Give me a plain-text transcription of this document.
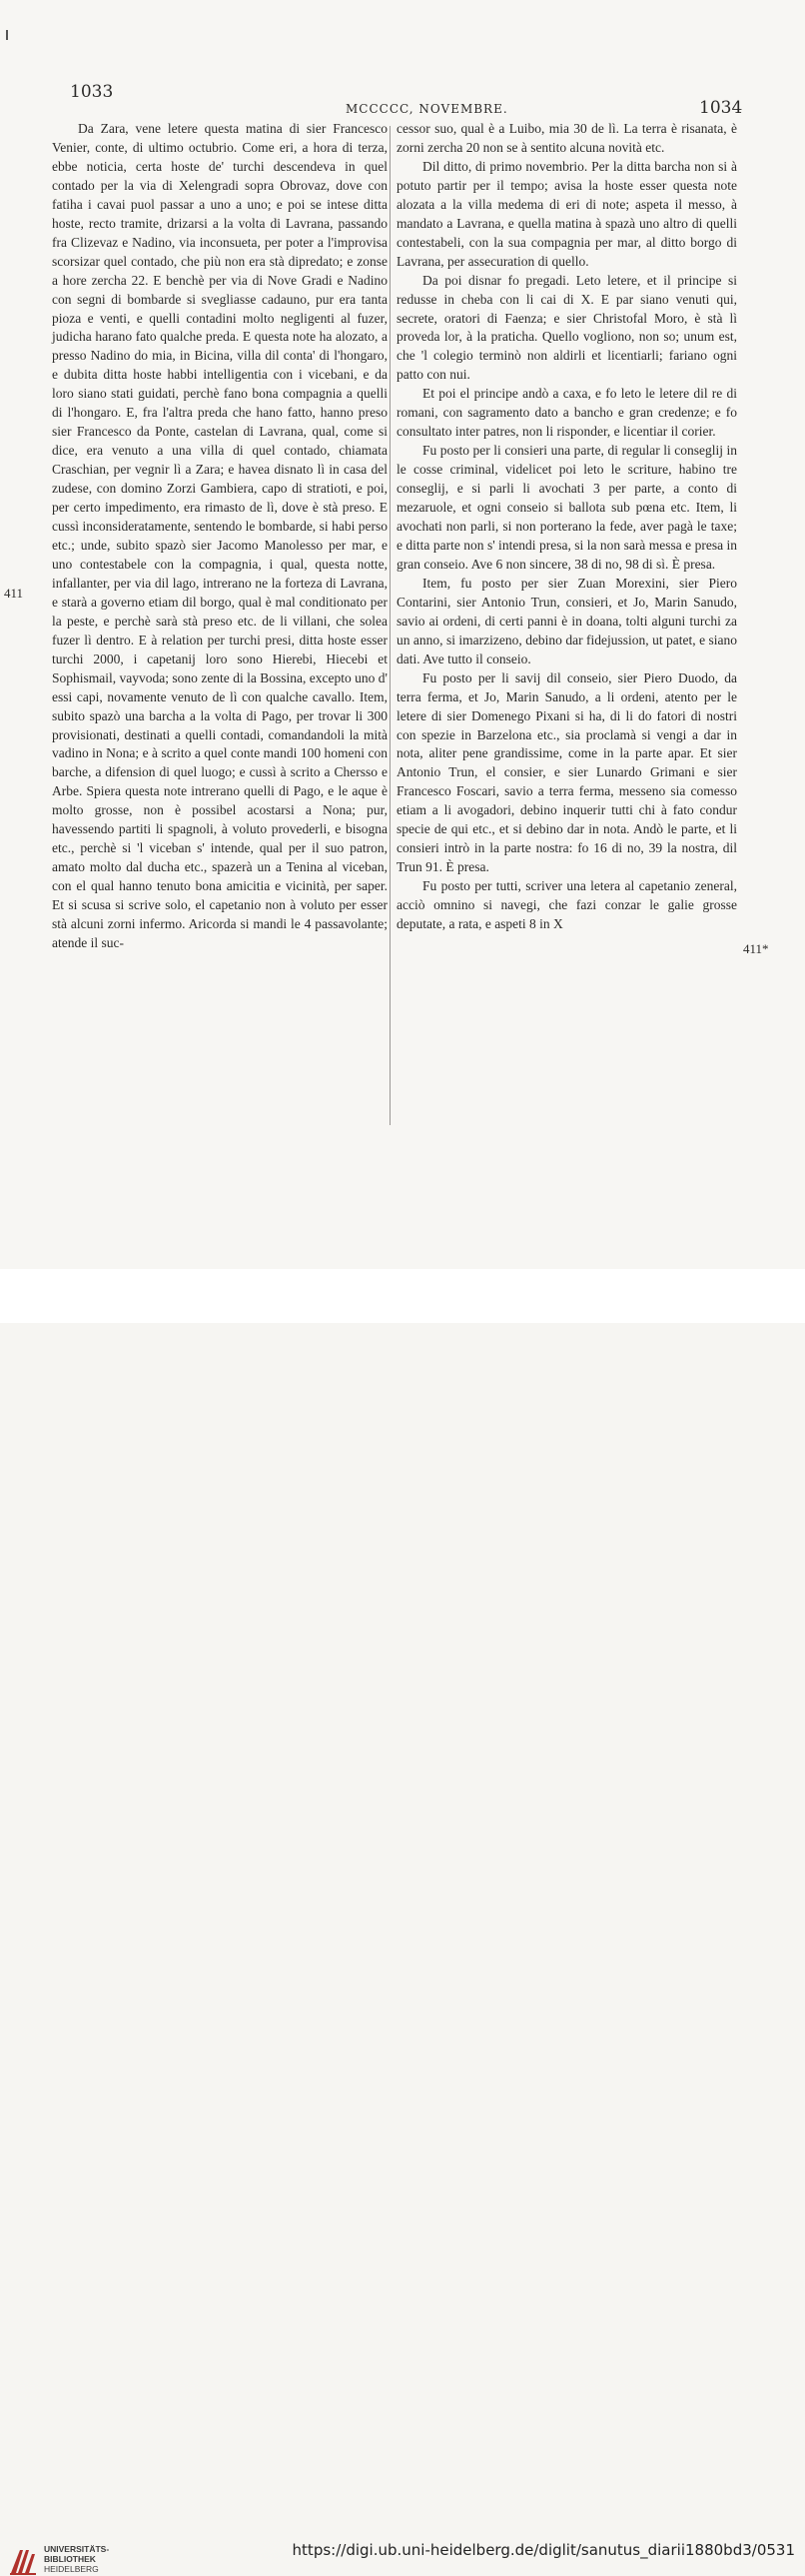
1033
MCCCCC, NOVEMBRE.	1034

Da Zara, vene letere questa matina di sier Francesco Venier, conte, di ultimo octubrio. Come eri, a hora di terza, ebbe noticia, certa hoste de' turchi descendeva in quel contado per la via di Xelengradi sopra Obrovaz, dove con fatiha i cavai puol passar a uno a uno; e poi se intese ditta hoste, recto tramite, drizarsi a la volta di Lavrana, passando fra Clizevaz e Nadino, via inconsueta, per poter a l'improvisa scorsizar quel contado, che più non era stà dipredato; e zonse a hore zercha 22. E benchè per via di Nove Gradi e Nadino con segni di bombarde si svegliasse cadauno, pur era tanta pioza e venti, e quelli contadini molto negligenti al fuzer, judicha harano fato qualche preda. E questa note ha alozato, a presso Nadino do mia, in Bicina, villa dil conta' di l'hongaro, e dubita ditta hoste habbi intelligentia con i vicebani, e da loro siano stati guidati, perchè fano bona compagnia a quelli di l'hongaro. E, fra l'altra preda che hano fatto, hanno preso sier Francesco da Ponte, castelan di Lavrana, qual, come si dice, era venuto a una villa di quel contado, chiamata Craschian, per vegnir lì a Zara; e havea disnato lì in casa del zudese, con domino Zorzi Gambiera, capo di stratioti, e poi, per certo impedimento, era rimasto de lì, dove è stà preso. E cussì inconsideratamente, sentendo le bombarde, si habi perso etc.; unde, subito spazò sier Jacomo Manolesso per mar, e uno contestabele con la compagnia, i qual, questa notte, infallanter, per via dil lago, intrerano ne la forteza di Lavrana, e starà a governo etiam dil borgo, qual è mal conditionato per la peste, e perchè sarà stà preso etc. de li villani, che solea fuzer lì dentro. E à relation per turchi presi, ditta hoste esser turchi 2000, i capetanij loro sono Hierebi, Hiecebi et Sophismail, vayvoda; sono zente di la Bossina, excepto uno d' essi capi, novamente venuto de lì con qualche cavallo. Item, subito spazò una barcha a la volta di Pago, per trovar li 300 provisionati, destinati a quelli contadi, comandandoli la mità vadino in Nona; e à scrito a quel conte mandi 100 homeni con barche, a difension di quel luogo; e cussì à scrito a Chersso e Arbe. Spiera questa note intrerano quelli di Pago, e le aque è molto grosse, non è possibel acostarsi a Nona; pur, havessendo partiti li spagnoli, à voluto provederli, e bisogna etc., perchè si 'l viceban s' intende, qual per il suo patron, amato molto dal ducha etc., spazerà un a Tenina al viceban, con el qual hanno tenuto bona amicitia e vicinità, per saper. Et si scusa si scrive solo, el capetanio non à voluto per esser stà alcuni zorni infermo. Aricorda si mandi le 4 passavolante; atende il suc-

cessor suo, qual è a Luibo, mia 30 de lì. La terra è risanata, è zorni zercha 20 non se à sentito alcuna novità etc.

Dil ditto, di primo novembrio. Per la ditta barcha non si à potuto partir per il tempo; avisa la hoste esser questa note alozata a la villa medema di eri di note; aspeta il messo, à mandato a Lavrana, e quella matina à spazà uno altro di quelli contestabeli, con la sua compagnia per mar, al ditto borgo di Lavrana, per assecuration di quello.

Da poi disnar fo pregadi. Leto letere, et il principe si redusse in cheba con li cai di X. E par siano venuti qui, secrete, oratori di Faenza; e sier Christofal Moro, è stà lì proveda lor, à la praticha. Quello vogliono, non so; unum est, che 'l colegio terminò non aldirli et licentiarli; fariano ogni patto con nui.

Et poi el principe andò a caxa, e fo leto le letere dil re di romani, con sagramento dato a bancho e gran credenze; e fo consultato inter patres, non li risponder, e licentiar il corier.

Fu posto per li consieri una parte, di regular li conseglij in le cosse criminal, videlicet poi leto le scriture, habino tre conseglij, e si parli li avochati 3 per parte, a conto di mezaruole, et ogni conseio si ballota sub pœna etc. Item, li avochati non parli, si non porterano la fede, aver pagà le taxe; e ditta parte non s' intendi presa, si la non sarà messa e presa in gran conseio. Ave 6 non sincere, 38 di no, 98 di sì. È presa.

Item, fu posto per sier Zuan Morexini, sier Piero Contarini, sier Antonio Trun, consieri, et Jo, Marin Sanudo, savio ai ordeni, di certi panni è in doana, tolti alguni turchi za un anno, si imarzizeno, debino dar fidejussion, ut patet, e siano dati. Ave tutto il conseio.

Fu posto per li savij dil conseio, sier Piero Duodo, da terra ferma, et Jo, Marin Sanudo, a li ordeni, atento per le letere di sier Domenego Pixani si ha, di li do fatori di nostri con spezie in Barzelona etc., sia proclamà si vengi a dar in nota, aliter pene grandissime, come in la parte apar. Et sier Antonio Trun, el consier, e sier Lunardo Grimani e sier Francesco Foscari, savio a terra ferma, messeno sia comesso etiam a li avogadori, debino inquerir tutti chi à fato condur specie de qui etc., et si debino dar in nota. Andò le parte, et li consieri intrò in la parte nostra: fo 16 di no, 39 la nostra, dil Trun 91. È presa.

Fu posto per tutti, scriver una letera al capetanio zeneral, acciò omnino si navegi, che fazi conzar le galie grosse deputate, a rata, e aspeti 8 in X

411
411*
UNIVERSITÄTS-
BIBLIOTHEK
HEIDELBERG
https://digi.ub.uni-heidelberg.de/diglit/sanutus_diarii1880bd3/0531
